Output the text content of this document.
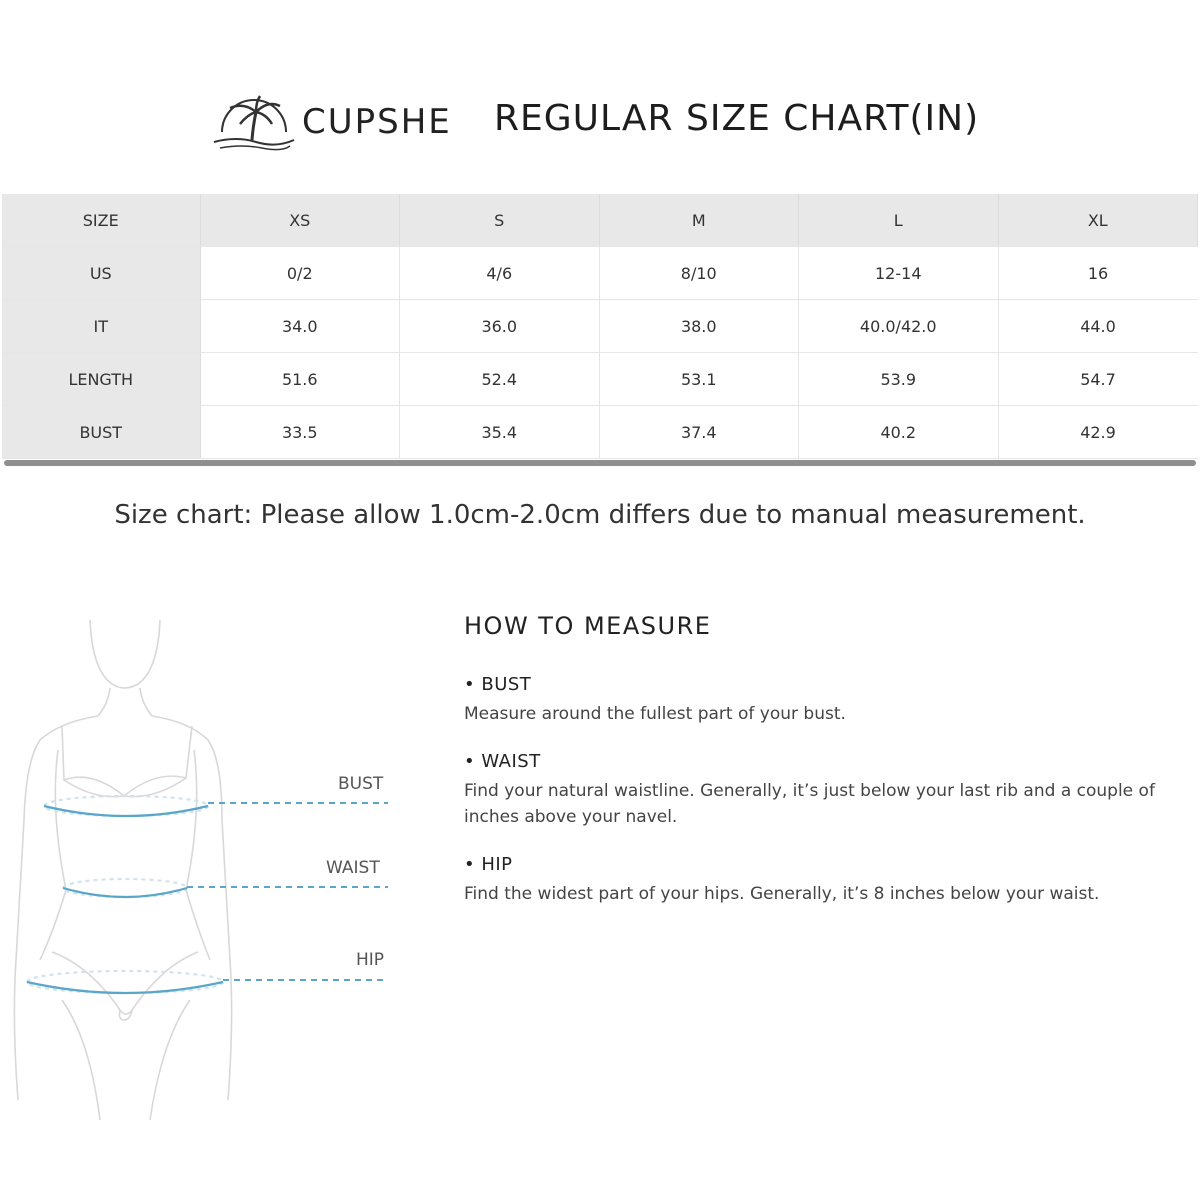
CUPSHE REGULAR SIZE CHART(IN)
SIZE	XS	S	M	L	XL
US	0/2	4/6	8/10	12-14	16
IT	34.0	36.0	38.0	40.0/42.0	44.0
LENGTH	51.6	52.4	53.1	53.9	54.7
BUST	33.5	35.4	37.4	40.2	42.9
Size chart: Please allow 1.0cm-2.0cm differs due to manual measurement.
BUST
WAIST
HIP
HOW TO MEASURE
• BUST
Measure around the fullest part of your bust.
• WAIST
Find your natural waistline. Generally, it’s just below your last rib and a couple of inches above your navel.
• HIP
Find the widest part of your hips. Generally, it’s 8 inches below your waist.
